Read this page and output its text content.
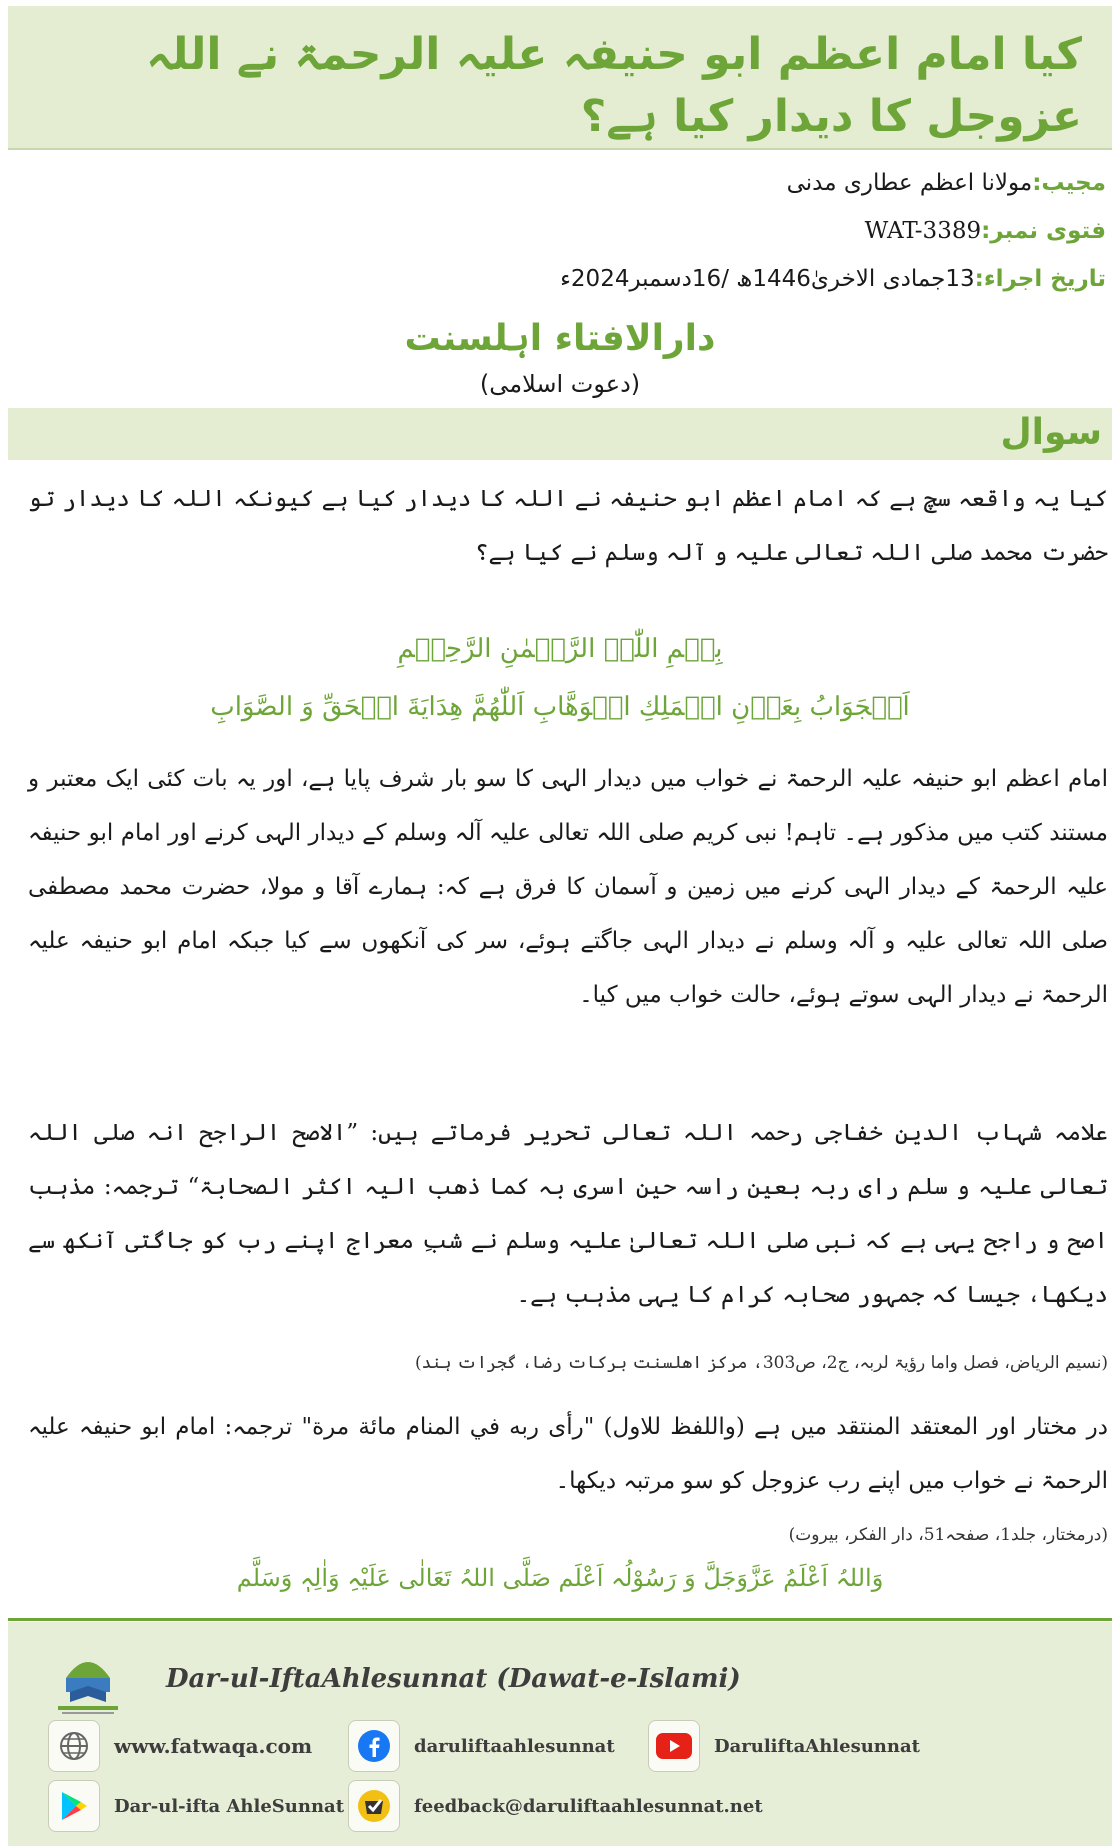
کیا امام اعظم ابو حنیفہ علیہ الرحمۃ نے اللہ عزوجل کا دیدار کیا ہے؟
مجیب:مولانا اعظم عطاری مدنی
فتوی نمبر:WAT-3389
تاریخ اجراء:13جمادی الاخریٰ1446ھ /16دسمبر2024ء
دارالافتاء اہلسنت
(دعوت اسلامی)
سوال

کیا یہ واقعہ سچ ہے کہ امام اعظم ابو حنیفہ نے اللہ کا دیدار کیا ہے کیونکہ اللہ کا دیدار تو حضرت محمد صلی اللہ تعالی علیہ و آلہ وسلم نے کیا ہے؟

بِسۡمِ اللّٰہِ الرَّحۡمٰنِ الرَّحِیۡمِ
اَلۡجَوَابُ بِعَوۡنِ الۡمَلِكِ الۡوَهَّابِ اَللّٰهُمَّ هِدَايَةَ الۡحَقِّ وَ الصَّوَابِ

امام اعظم ابو حنیفہ علیہ الرحمۃ نے خواب میں دیدار الہی کا سو بار شرف پایا ہے، اور یہ بات کئی ایک معتبر و مستند کتب میں مذکور ہے۔ تاہم! نبی کریم صلی اللہ تعالی علیہ آلہ وسلم کے دیدار الہی کرنے اور امام ابو حنیفہ علیہ الرحمۃ کے دیدار الہی کرنے میں زمین و آسمان کا فرق ہے کہ: ہمارے آقا و مولا، حضرت محمد مصطفی صلی اللہ تعالی علیہ و آلہ وسلم نے دیدار الہی جاگتے ہوئے، سر کی آنکھوں سے کیا جبکہ امام ابو حنیفہ علیہ الرحمۃ نے دیدار الہی سوتے ہوئے، حالت خواب میں کیا۔

علامہ شہاب الدین خفاجی رحمہ اللہ تعالی تحریر فرماتے ہیں: ”الاصح الراجح انہ صلی اللہ تعالی علیہ و سلم رای ربہ بعین راسہ حین اسری بہ کما ذھب الیہ اکثر الصحابۃ“ ترجمہ: مذہب اصح و راجح یہی ہے کہ نبی صلی اللہ تعالیٰ علیہ وسلم نے شبِ معراج اپنے رب کو جاگتی آنکھ سے دیکھا، جیسا کہ جمہور صحابہ کرام کا یہی مذہب ہے۔

(نسیم الریاض، فصل واما رؤیۃ لربہ، ج2، ص303، مرکز اھلسنت برکات رضا، گجرات ہند)

در مختار اور المعتقد المنتقد میں ہے (واللفظ للاول) "رأى ربه في المنام مائة مرة" ترجمہ: امام ابو حنیفہ علیہ الرحمۃ نے خواب میں اپنے رب عزوجل کو سو مرتبہ دیکھا۔

(درمختار، جلد1، صفحہ51، دار الفکر، بیروت)
وَاللہُ اَعْلَمُ عَزَّوَجَلَّ وَ رَسُوْلُہ اَعْلَم صَلَّی اللہُ تَعَالٰی عَلَیْہِ وَاٰلِہٖ وَسَلَّم
Dar-ul-IftaAhlesunnat (Dawat-e-Islami)
www.fatwaqa.com	daruliftaahlesunnat	DaruliftaAhlesunnat
Dar-ul-ifta AhleSunnat	feedback@daruliftaahlesunnat.net
